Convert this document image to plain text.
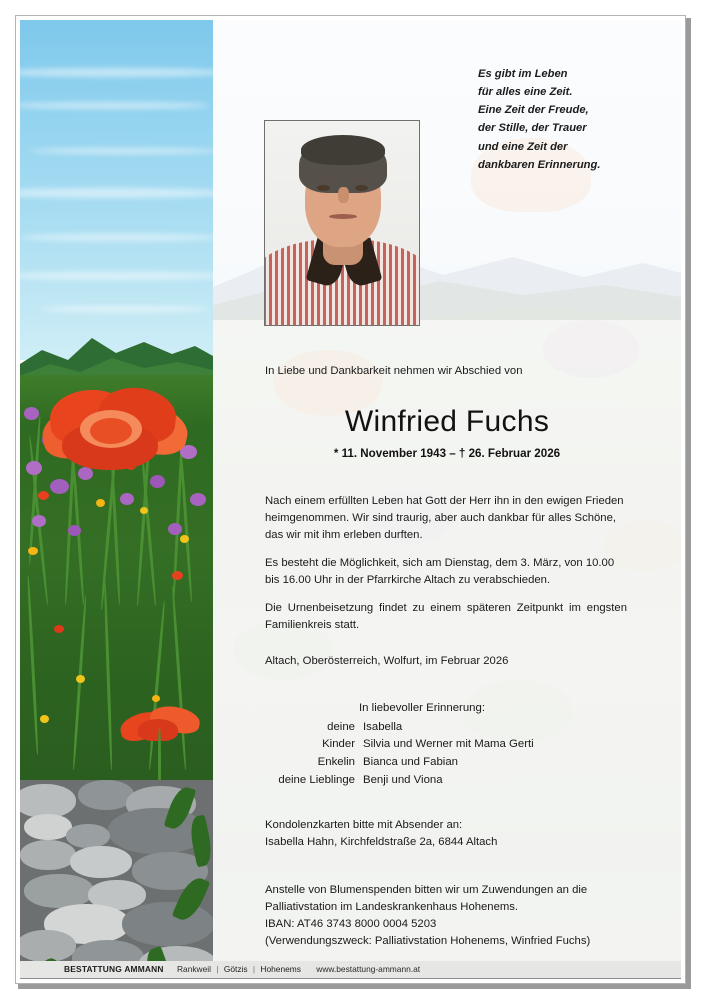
Es gibt im Leben
für alles eine Zeit.
Eine Zeit der Freude,
der Stille, der Trauer
und eine Zeit der
dankbaren Erinnerung.
In Liebe und Dankbarkeit nehmen wir Abschied von
Winfried Fuchs
* 11. November 1943 – † 26. Februar 2026

Nach einem erfüllten Leben hat Gott der Herr ihn in den ewigen Frieden heimgenommen. Wir sind traurig, aber auch dankbar für alles Schöne, das wir mit ihm erleben durften.

Es besteht die Möglichkeit, sich am Dienstag, dem 3. März, von 10.00 bis 16.00 Uhr in der Pfarrkirche Altach zu verabschieden.

Die Urnenbeisetzung findet zu einem späteren Zeitpunkt im engsten Familienkreis statt.

Altach, Oberösterreich, Wolfurt, im Februar 2026
In liebevoller Erinnerung:
deine Isabella
Kinder Silvia und Werner mit Mama Gerti
Enkelin Bianca und Fabian
deine Lieblinge Benji und Viona
Kondolenzkarten bitte mit Absender an:
Isabella Hahn, Kirchfeldstraße 2a, 6844 Altach
Anstelle von Blumenspenden bitten wir um Zuwendungen an die
Palliativstation im Landeskrankenhaus Hohenems.
IBAN: AT46 3743 8000 0004 5203
(Verwendungszweck: Palliativstation Hohenems, Winfried Fuchs)
BESTATTUNG AMMANN Rankweil | Götzis | Hohenems www.bestattung-ammann.at
